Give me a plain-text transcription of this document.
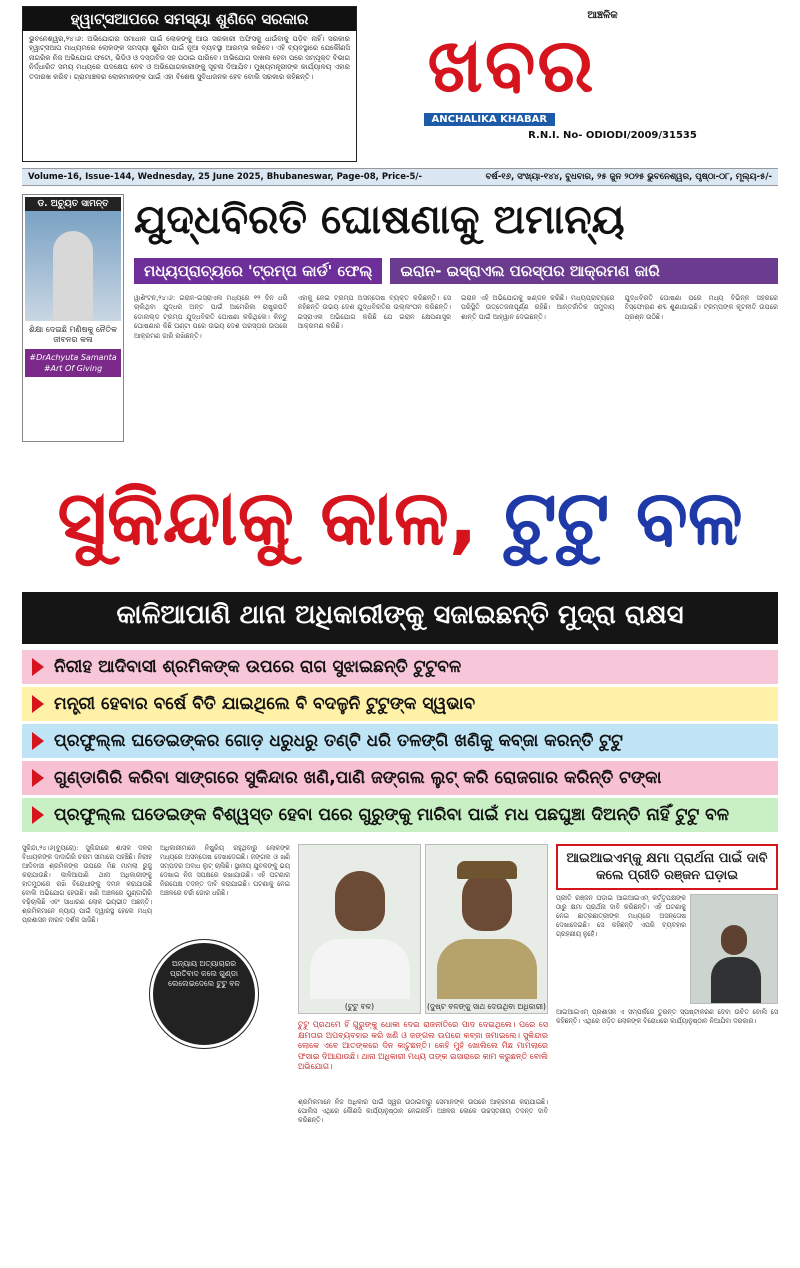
ହ୍ୱାଟ୍ସଆପରେ ସମସ୍ୟା ଶୁଣିବେ ସରକାର
ଭୁବନେଶ୍ୱର,୨୪।୬: ଅଭିଯୋଗର ସମାଧାନ ପାଇଁ ଲୋକଙ୍କୁ ଆଉ ସରକାରୀ ଅଫିସକୁ ଧାଉଁବାକୁ ପଡ଼ିବ ନାହିଁ। ସରକାର ହ୍ୱାଟ୍ସଆପ ମାଧ୍ୟମରେ ଲୋକଙ୍କ ସମସ୍ୟା ଶୁଣିବା ପାଇଁ ନୂଆ ବ୍ୟବସ୍ଥା ଆରମ୍ଭ କରିବେ। ଏହି ବ୍ୟବସ୍ଥାରେ ଯେକୌଣସି ନାଗରିକ ନିଜ ଅଭିଯୋଗ ଫଟୋ, ଭିଡିଓ ଓ ଦସ୍ତାବିଜ ସହ ପଠାଇ ପାରିବେ। ଅଭିଯୋଗ ଦାଖଲ ହେବା ପରେ ସମ୍ପୃକ୍ତ ବିଭାଗ ନିର୍ଦ୍ଧାରିତ ସମୟ ମଧ୍ୟରେ ପଦକ୍ଷେପ ନେବ ଓ ଅଭିଯୋଗକାରୀଙ୍କୁ ସୂଚନା ଦିଆଯିବ। ମୁଖ୍ୟମନ୍ତ୍ରୀଙ୍କ କାର୍ଯ୍ୟାଳୟ ଏହାର ତଦାରଖ କରିବ। ଗ୍ରାମାଞ୍ଚଳର ଲୋକମାନଙ୍କ ପାଇଁ ଏହା ବିଶେଷ ସୁବିଧାଜନକ ହେବ ବୋଲି ସରକାର କହିଛନ୍ତି।
ଆଞ୍ଚଳିକ
ଖବର
ANCHALIKA KHABAR
R.N.I. No- ODIODI/2009/31535
Volume-16, Issue-144, Wednesday, 25 June 2025, Bhubaneswar, Page-08, Price-5/-	ବର୍ଷ-୧୬, ସଂଖ୍ୟା-୧୪୪, ବୁଧବାର, ୨୫ ଜୁନ ୨୦୨୫ ଭୁବନେଶ୍ୱର, ପୃଷ୍ଠା-୦୮, ମୂଲ୍ୟ-୫/-
ଡ. ଅଚ୍ୟୁତ ସାମନ୍ତ
ଶିକ୍ଷା ଦେଇଛି ମଣିଷକୁ ନୈତିକ ଜୀବନର କଳା
#DrAchyuta Samanta #Art Of Giving
ଯୁଦ୍ଧବିରତି ଘୋଷଣାକୁ ଅମାନ୍ୟ
ମଧ୍ୟପ୍ରାଚ୍ୟରେ 'ଟ୍ରମ୍ପ କାର୍ଡ' ଫେଲ୍	ଇରାନ- ଇସ୍ରାଏଲ ପରସ୍ପର ଆକ୍ରମଣ ଜାରି

ୱାଶିଂଟନ,୨୪।୬: ଇରାନ-ଇସ୍ରାଏଲ ମଧ୍ୟରେ ୧୨ ଦିନ ଧରି ଚାଲିଥିବା ଯୁଦ୍ଧର ଅନ୍ତ ପାଇଁ ଆମେରିକା ରାଷ୍ଟ୍ରପତି ଡୋନାଲ୍ଡ ଟ୍ରମ୍ପ ଯୁଦ୍ଧବିରତି ଘୋଷଣା କରିଥିଲେ। କିନ୍ତୁ ଘୋଷଣାର କିଛି ଘଣ୍ଟା ପରେ ଉଭୟ ଦେଶ ପରସ୍ପର ଉପରେ ଆକ୍ରମଣ ଜାରି ରଖିଛନ୍ତି।

ଏହାକୁ ନେଇ ଟ୍ରମ୍ପ ଅସନ୍ତୋଷ ବ୍ୟକ୍ତ କରିଛନ୍ତି। ସେ କହିଛନ୍ତି ଉଭୟ ଦେଶ ଯୁଦ୍ଧବିରତିର ଉଲ୍ଲଂଘନ କରିଛନ୍ତି। ଇସ୍ରାଏଲ ଅଭିଯୋଗ କରିଛି ଯେ ଇରାନ କ୍ଷେପଣାସ୍ତ୍ର ଆକ୍ରମଣ କରିଛି।

ଇରାନ ଏହି ଅଭିଯୋଗକୁ ଖଣ୍ଡନ କରିଛି। ମଧ୍ୟପ୍ରାଚ୍ୟରେ ପରିସ୍ଥିତି ଉତ୍ତେଜନାପୂର୍ଣ୍ଣ ରହିଛି। ଆନ୍ତର୍ଜାତିକ ସମୁଦାୟ ଶାନ୍ତି ପାଇଁ ଆହ୍ୱାନ ଦେଇଛନ୍ତି।

ଯୁଦ୍ଧବିରତି ଘୋଷଣା ପରେ ମଧ୍ୟ ବିଭିନ୍ନ ସହରରେ ବିସ୍ଫୋରଣ ଶବ୍ଦ ଶୁଣାଯାଇଛି। ଟ୍ରମ୍ପଙ୍କ କୂଟନୀତି ଉପରେ ପ୍ରଶ୍ନ ଉଠିଛି।

ସୁକିନ୍ଦାକୁ କାଳ, ଟୁଟୁ ବଳ
କାଳିଆପାଣି ଥାନା ଅଧିକାରୀଙ୍କୁ ସଜାଇଛନ୍ତି ମୁଦ୍ରା ରାକ୍ଷସ
ନିରୀହ ଆଦିବାସୀ ଶ୍ରମିକଙ୍କ ଉପରେ ରାଗ ସୁଝାଇଛନ୍ତି ଟୁଟୁବଳ
ମନ୍ତ୍ରୀ ହେବାର ବର୍ଷେ ବିତି ଯାଇଥିଲେ ବି ବଦଳୁନି ଟୁଟୁଙ୍କ ସ୍ୱଭାବ
ପ୍ରଫୁଲ୍ଲ ଘଡେଇଙ୍କର ଗୋଡ଼ ଧରୁଧରୁ ତଣ୍ଟି ଧରି ତଳଙ୍ଗି ଖଣିକୁ କବ୍ଜା କରନ୍ତି ଟୁଟୁ
ଗୁଣ୍ଡାଗିରି କରିବା ସାଙ୍ଗରେ ସୁକିନ୍ଦାର ଖଣି,ପାଣି ଜଙ୍ଗଲ ଲୁଟ୍ କରି ରୋଜଗାର କରିନ୍ତି ଟଙ୍କା
ପ୍ରଫୁଲ୍ଲ ଘଡେଇଙ୍କ ବିଶ୍ୱସ୍ତ ହେବା ପରେ ଗୁରୁଙ୍କୁ ମାରିବା ପାଇଁ ମଧ ପଛଘୁଞ୍ଚା ଦିଅନ୍ତି ନାହିଁ ଟୁଟୁ ବଳ
ସୁକିନ୍ଦା,୨୪।୬(ବ୍ୟୁରୋ): ସୁକିନ୍ଦାରେ ଶାସକ ଦଳର ବିଧାୟକଙ୍କ ଦାଦାଗିରି ଚରମ ସୀମାରେ ପହଞ୍ଚିଛି। ନିରୀହ ଆଦିବାସୀ ଶ୍ରମିକଙ୍କ ଉପରେ ମିଛ ମାମଲା ରୁଜୁ କରାଯାଉଛି। କାଳିଆପାଣି ଥାନା ଅଧିକାରୀଙ୍କୁ ହାତମୁଠାରେ ରଖି ବିରୋଧୀଙ୍କୁ ଦମନ କରାଯାଉଛି ବୋଲି ଅଭିଯୋଗ ହେଉଛି। ଖଣି ଅଞ୍ଚଳରେ ଗୁଣ୍ଡାଗିରି ବଢ଼ିଚାଲିଛି ଏବଂ ସାଧାରଣ ଲୋକ ଭୟଭୀତ ଅଛନ୍ତି। ଶ୍ରମିକମାନେ ନ୍ୟାୟ ପାଇଁ ଦ୍ୱାରସ୍ଥ ହେଲେ ମଧ୍ୟ ପ୍ରଶାସନ ନୀରବ ଦର୍ଶକ ସାଜିଛି।
ଅଧିକାରୀମାନେ ନିଷ୍କ୍ରିୟ ରହୁଥିବାରୁ ଲୋକଙ୍କ ମଧ୍ୟରେ ଅସନ୍ତୋଷ ଦେଖାଦେଇଛି। ଜଙ୍ଗଲ ଓ ଖଣି ସମ୍ପଦର ଅବାଧ ଲୁଟ୍ ଚାଲିଛି। ସ୍ଥାନୀୟ ଯୁବକଙ୍କୁ ଭୟ ଦେଖାଇ ନିଜ ସପକ୍ଷରେ ରଖାଯାଉଛି। ଏହି ଘଟଣାର ନିରପେକ୍ଷ ତଦନ୍ତ ଦାବି କରାଯାଇଛି। ଘଟଣାକୁ ନେଇ ଅଞ୍ଚଳରେ ଚର୍ଚ୍ଚା ଜୋର ଧରିଛି।
(ଟୁଟୁ ବଳ)	(ଦୁଷ୍ଟ ବଳଙ୍କୁ ସାଥ ଦେଉଥିବା ଅଧିକାରୀ)
ଟୁଟୁ ପ୍ରଥମେ ହିଁ ଗୁରୁଙ୍କୁ ଧୋକା ଦେଇ ରାଜନୀତିରେ ପାଦ ଦେଇଥିଲେ। ପରେ ସେ କ୍ଷମତାର ଅପବ୍ୟବହାର କରି ଖଣି ଓ ଜଙ୍ଗଲ ଉପରେ କବ୍ଜା ଜମାଇଲେ। ସୁକିନ୍ଦାର ଲୋକେ ଏବେ ଆତଙ୍କରେ ଦିନ କାଟୁଛନ୍ତି। କେହି ମୁହଁ ଖୋଲିଲେ ମିଛ ମାମଲାରେ ଫସାଇ ଦିଆଯାଉଛି। ଥାନା ଅଧିକାରୀ ମଧ୍ୟ ତାଙ୍କ ଇସାରାରେ କାମ କରୁଛନ୍ତି ବୋଲି ଅଭିଯୋଗ।
ଶ୍ରମିକମାନେ ନିଜ ଅଧିକାର ପାଇଁ ସ୍ୱର ଉଠାଇବାରୁ ସେମାନଙ୍କ ଉପରେ ଆକ୍ରମଣ କରାଯାଇଛି। ପୋଲିସ ଏଥିରେ କୌଣସି କାର୍ଯ୍ୟାନୁଷ୍ଠାନ ନେଇନାହିଁ। ଅଞ୍ଚଳର ଲୋକେ ଉଚ୍ଚସ୍ତରୀୟ ତଦନ୍ତ ଦାବି କରିଛନ୍ତି।
ଆଇଆଇଏମ୍‌କୁ କ୍ଷମା ପ୍ରାର୍ଥନା ପାଇଁ ଦାବି କଲେ ପ୍ରୀତି ରଞ୍ଜନ ଘଡ଼ାଇ
ପ୍ରୀତି ରଞ୍ଜନ ଘଡ଼ାଇ ଆଇଆଇଏମ୍ କର୍ତ୍ତୃପକ୍ଷଙ୍କ ଠାରୁ କ୍ଷମା ପ୍ରାର୍ଥନା ଦାବି କରିଛନ୍ତି। ଏହି ଘଟଣାକୁ ନେଇ ଛାତ୍ରଛାତ୍ରୀଙ୍କ ମଧ୍ୟରେ ଅସନ୍ତୋଷ ଦେଖାଦେଇଛି। ସେ କହିଛନ୍ତି ଏପରି ବ୍ୟବହାର ଗ୍ରହଣୀୟ ନୁହେଁ।
ଆଇଆଇଏମ୍ ପ୍ରଶାସନ ଏ ସମ୍ପର୍କରେ ତୁରନ୍ତ ସ୍ପଷ୍ଟୀକରଣ ଦେବା ଉଚିତ ବୋଲି ସେ କହିଛନ୍ତି। ଏଥିରେ ଜଡ଼ିତ ଲୋକଙ୍କ ବିରୋଧରେ କାର୍ଯ୍ୟାନୁଷ୍ଠାନ ନିଆଯିବା ଦରକାର।
ଅନ୍ୟାୟ ଅତ୍ୟାଚାରର ପ୍ରତିବାଦ କଲେ ଗୁଣ୍ଡା ଲେଲେଇଦେଲେ ଟୁଟୁ ବଳ
